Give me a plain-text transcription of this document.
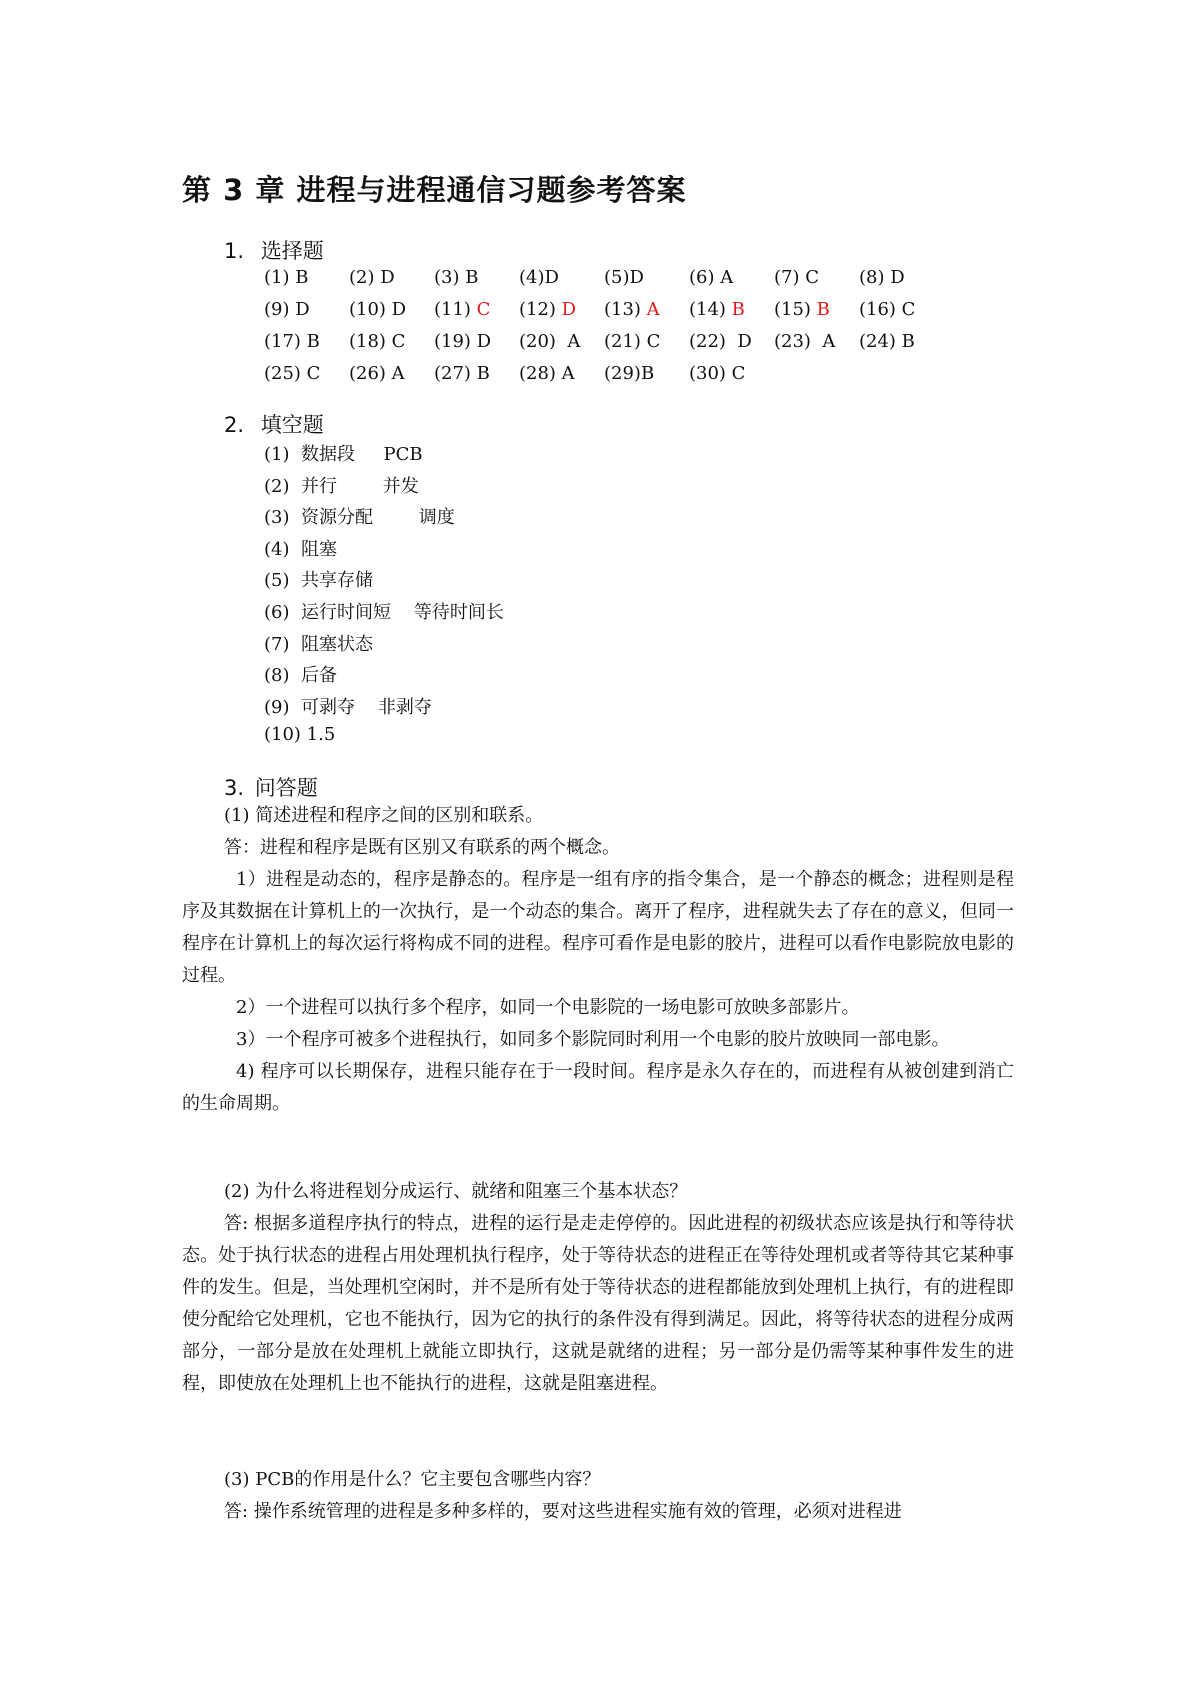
第 3 章 进程与进程通信习题参考答案
1. 选择题
(1) B (2) D (3) B (4)D	(5)D	(6) A (7) C (8) D
(9) D (10) D (11) C (12) D (13) A (14) B (15) B (16) C
(17) B (18) C (19) D (20)  A (21) C (22)  D (23)  A (24) B
(25) C (26) A (27) B (28) A (29)B (30) C
2. 填空题
(1)  数据段     PCB
(2)  并行        并发
(3)  资源分配        调度
(4)  阻塞
(5)  共享存储
(6)  运行时间短    等待时间长
(7)  阻塞状态
(8)  后备
(9)  可剥夺    非剥夺
(10) 1.5
3. 问答题
(1) 简述进程和程序之间的区别和联系。
答：进程和程序是既有区别又有联系的两个概念。

1）进程是动态的，程序是静态的。程序是一组有序的指令集合，是一个静态的概念；进程则是程序及其数据在计算机上的一次执行，是一个动态的集合。离开了程序，进程就失去了存在的意义，但同一程序在计算机上的每次运行将构成不同的进程。程序可看作是电影的胶片，进程可以看作电影院放电影的过程。

2）一个进程可以执行多个程序，如同一个电影院的一场电影可放映多部影片。

3）一个程序可被多个进程执行，如同多个影院同时利用一个电影的胶片放映同一部电影。

4) 程序可以长期保存，进程只能存在于一段时间。程序是永久存在的，而进程有从被创建到消亡的生命周期。

(2) 为什么将进程划分成运行、就绪和阻塞三个基本状态？

答: 根据多道程序执行的特点，进程的运行是走走停停的。因此进程的初级状态应该是执行和等待状态。处于执行状态的进程占用处理机执行程序，处于等待状态的进程正在等待处理机或者等待其它某种事件的发生。但是，当处理机空闲时，并不是所有处于等待状态的进程都能放到处理机上执行，有的进程即使分配给它处理机，它也不能执行，因为它的执行的条件没有得到满足。因此，将等待状态的进程分成两部分，一部分是放在处理机上就能立即执行，这就是就绪的进程；另一部分是仍需等某种事件发生的进程，即使放在处理机上也不能执行的进程，这就是阻塞进程。

(3) PCB的作用是什么？它主要包含哪些内容？

答: 操作系统管理的进程是多种多样的，要对这些进程实施有效的管理，必须对进程进
